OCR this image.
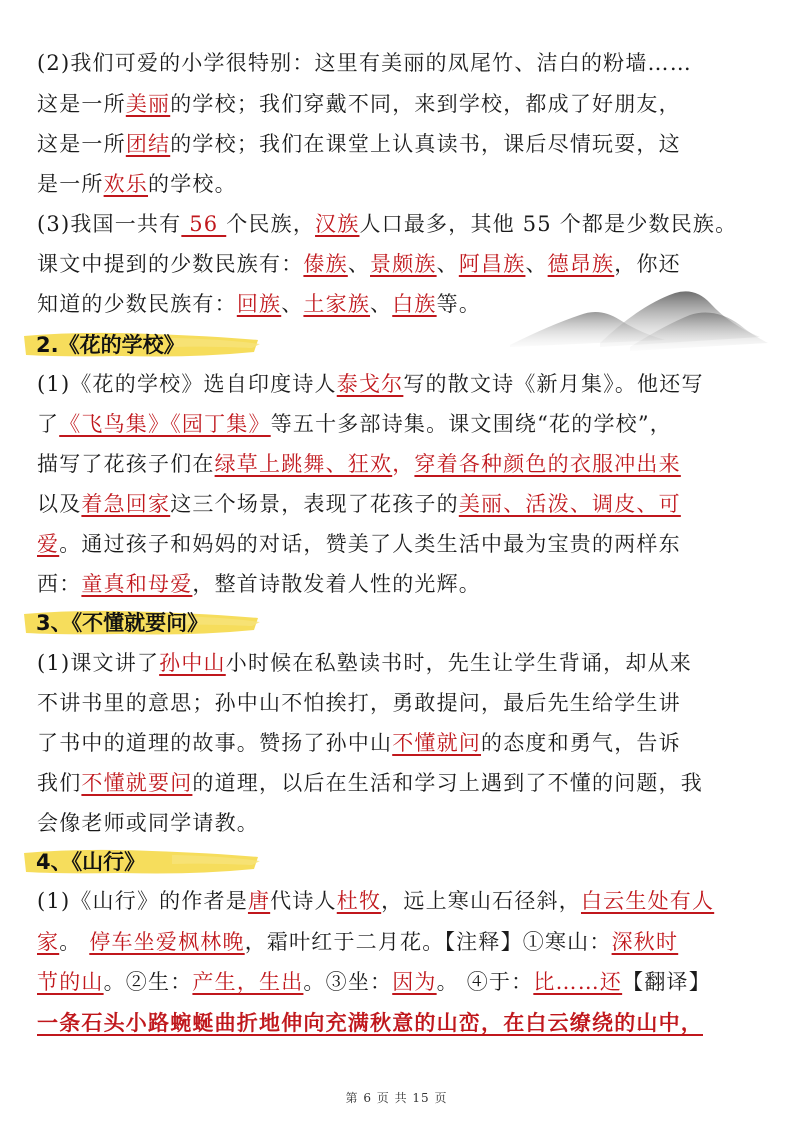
(2)我们可爱的小学很特别：这里有美丽的凤尾竹、洁白的粉墙……
这是一所美丽的学校；我们穿戴不同，来到学校，都成了好朋友，
这是一所团结的学校；我们在课堂上认真读书，课后尽情玩耍，这
是一所欢乐的学校。
(3)我国一共有 56 个民族，汉族人口最多，其他 55 个都是少数民族。
课文中提到的少数民族有：傣族、景颇族、阿昌族、德昂族，你还
知道的少数民族有：回族、土家族、白族等。
2.《花的学校》
(1)《花的学校》选自印度诗人泰戈尔写的散文诗《新月集》。他还写
了《飞鸟集》《园丁集》等五十多部诗集。课文围绕“花的学校”，
描写了花孩子们在绿草上跳舞、狂欢，穿着各种颜色的衣服冲出来
以及着急回家这三个场景，表现了花孩子的美丽、活泼、调皮、可
爱。通过孩子和妈妈的对话，赞美了人类生活中最为宝贵的两样东
西：童真和母爱，整首诗散发着人性的光辉。
3、《不懂就要问》
(1)课文讲了孙中山小时候在私塾读书时，先生让学生背诵，却从来
不讲书里的意思；孙中山不怕挨打，勇敢提问，最后先生给学生讲
了书中的道理的故事。赞扬了孙中山不懂就问的态度和勇气，告诉
我们不懂就要问的道理，以后在生活和学习上遇到了不懂的问题，我
会像老师或同学请教。
4、《山行》
(1)《山行》的作者是唐代诗人杜牧，远上寒山石径斜，白云生处有人
家。 停车坐爱枫林晚，霜叶红于二月花。【注释】①寒山：深秋时
节的山。②生：产生，生出。③坐：因为。 ④于：比……还【翻译】
一条石头小路蜿蜒曲折地伸向充满秋意的山峦，在白云缭绕的山中，
第 6 页 共 15 页
